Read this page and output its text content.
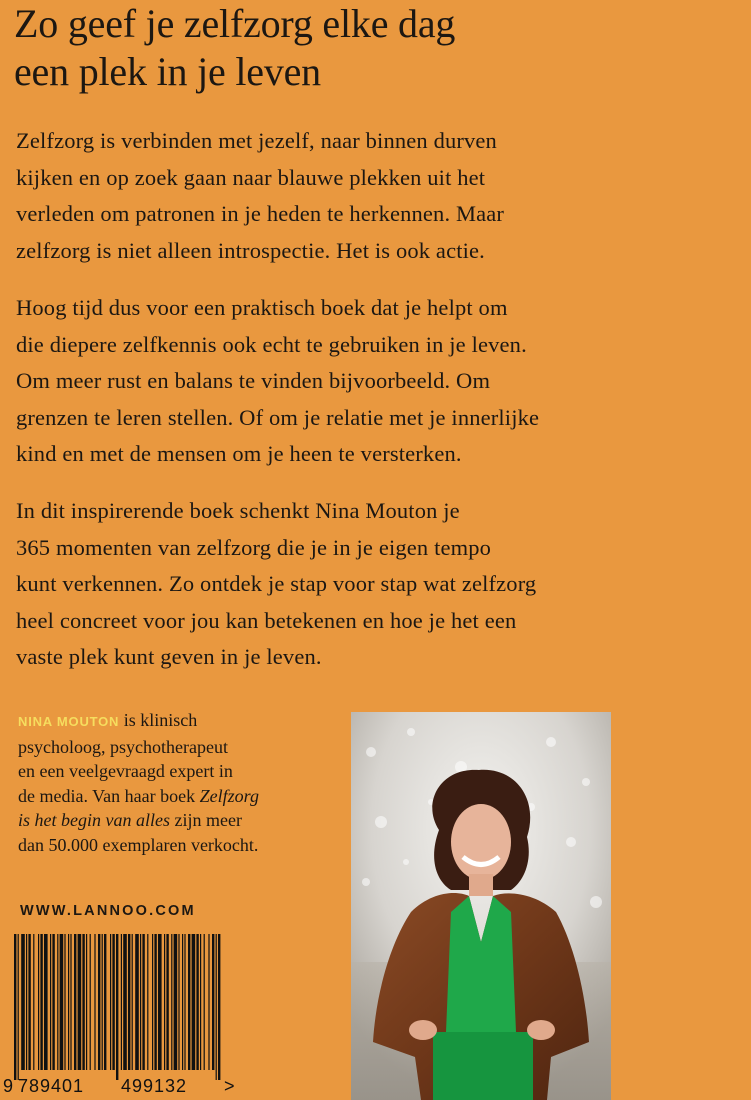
Zo geef je zelfzorg elke dag
een plek in je leven

Zelfzorg is verbinden met jezelf, naar binnen durven
kijken en op zoek gaan naar blauwe plekken uit het
verleden om patronen in je heden te herkennen. Maar
zelfzorg is niet alleen introspectie. Het is ook actie.

Hoog tijd dus voor een praktisch boek dat je helpt om
die diepere zelfkennis ook echt te gebruiken in je leven.
Om meer rust en balans te vinden bijvoorbeeld. Om
grenzen te leren stellen. Of om je relatie met je innerlijke
kind en met de mensen om je heen te versterken.

In dit inspirerende boek schenkt Nina Mouton je
365 momenten van zelfzorg die je in je eigen tempo
kunt verkennen. Zo ontdek je stap voor stap wat zelfzorg
heel concreet voor jou kan betekenen en hoe je het een
vaste plek kunt geven in je leven.

NINA MOUTON is klinisch
psycholoog, psychotherapeut
en een veelgevraagd expert in
de media. Van haar boek Zelfzorg
is het begin van alles zijn meer
dan 50.000 exemplaren verkocht.

WWW.LANNOO.COM
9 789401 499132 >
